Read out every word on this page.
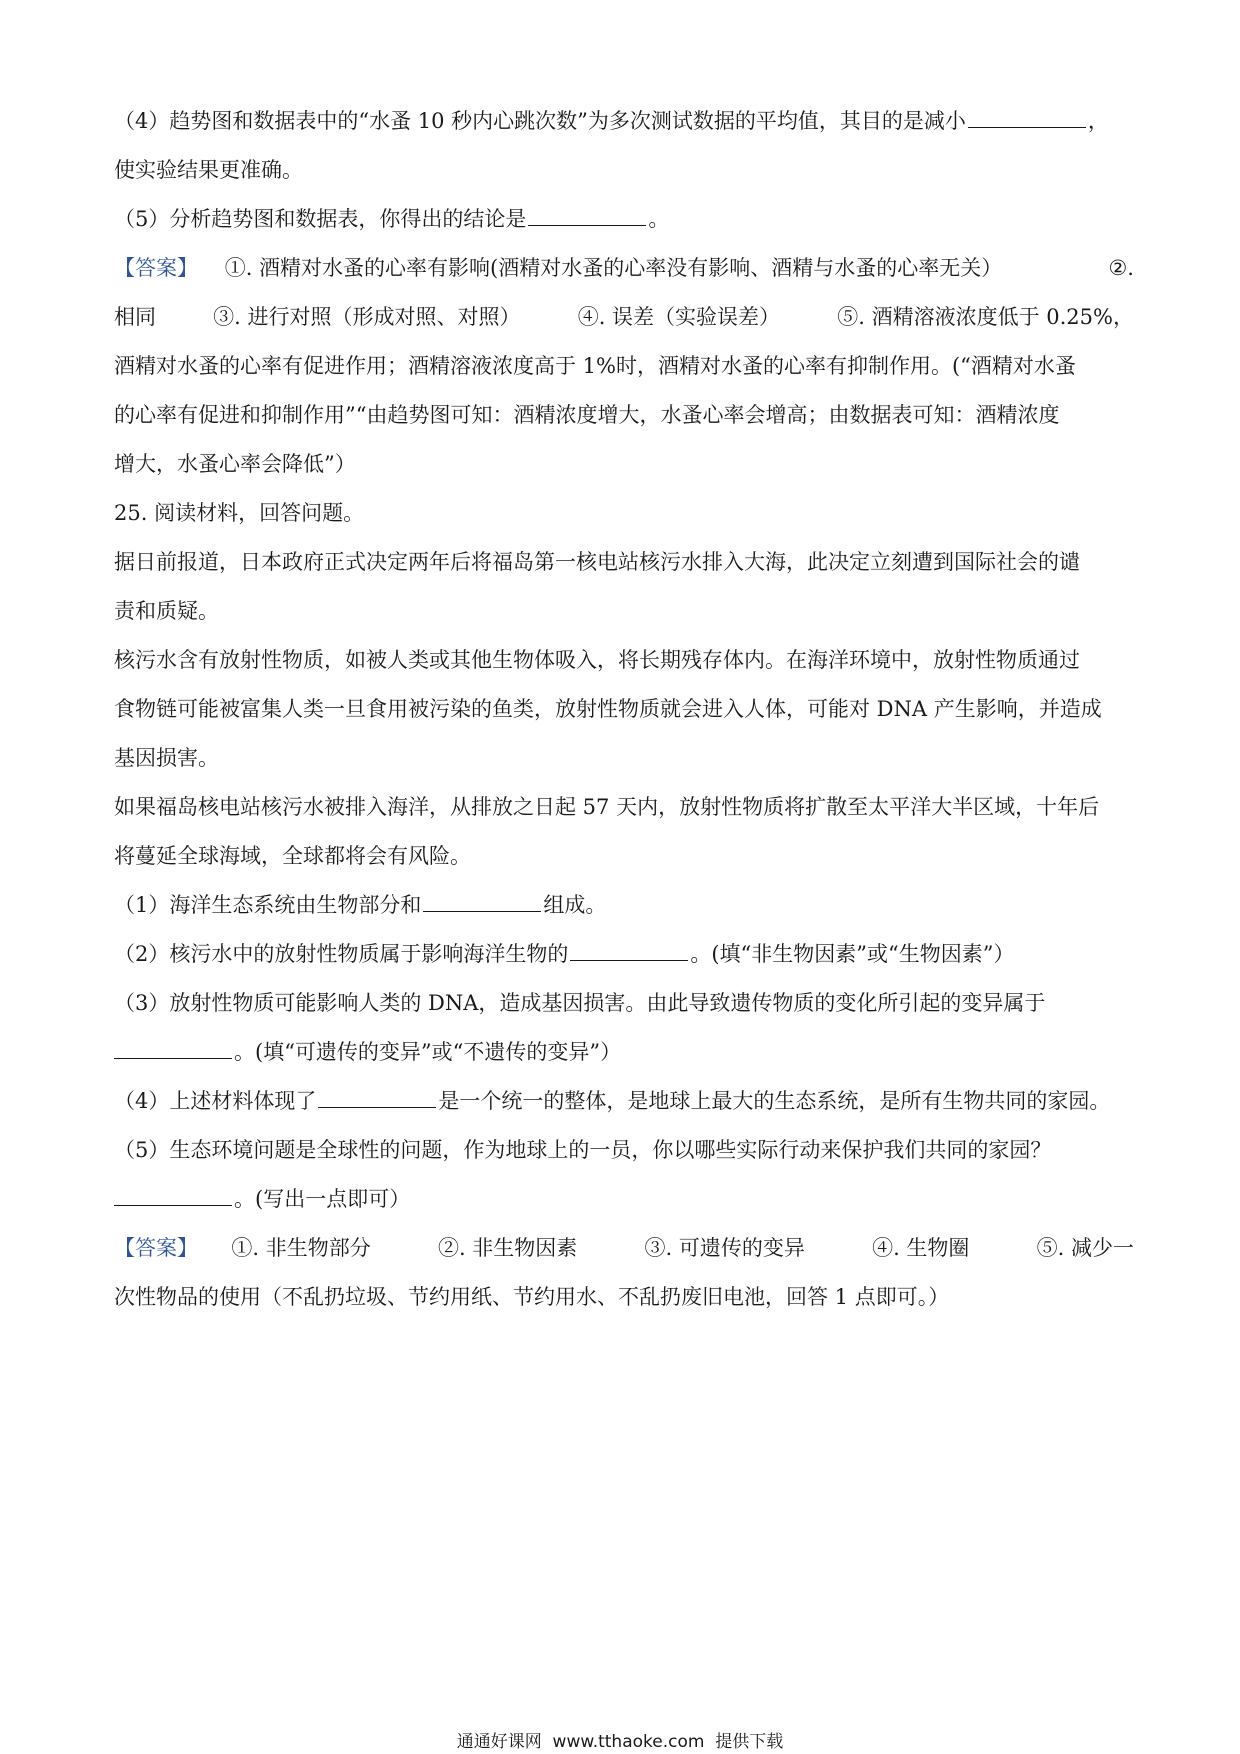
（4）趋势图和数据表中的“水蚤 10 秒内心跳次数”为多次测试数据的平均值，其目的是减小	，
使实验结果更准确。
（5）分析趋势图和数据表，你得出的结论是	。
【答案】 ①. 酒精对水蚤的心率有影响(酒精对水蚤的心率没有影响、酒精与水蚤的心率无关）	②.
相同	③. 进行对照（形成对照、对照）	④. 误差（实验误差）	⑤. 酒精溶液浓度低于 0.25%，
酒精对水蚤的心率有促进作用；酒精溶液浓度高于 1%时，酒精对水蚤的心率有抑制作用。(“酒精对水蚤
的心率有促进和抑制作用”“由趋势图可知：酒精浓度增大，水蚤心率会增高；由数据表可知：酒精浓度
增大，水蚤心率会降低”）
25. 阅读材料，回答问题。
据日前报道，日本政府正式决定两年后将福岛第一核电站核污水排入大海，此决定立刻遭到国际社会的谴
责和质疑。
核污水含有放射性物质，如被人类或其他生物体吸入，将长期残存体内。在海洋环境中，放射性物质通过
食物链可能被富集人类一旦食用被污染的鱼类，放射性物质就会进入人体，可能对 DNA 产生影响，并造成
基因损害。
如果福岛核电站核污水被排入海洋，从排放之日起 57 天内，放射性物质将扩散至太平洋大半区域，十年后
将蔓延全球海域，全球都将会有风险。
（1）海洋生态系统由生物部分和	组成。
（2）核污水中的放射性物质属于影响海洋生物的	。(填“非生物因素”或“生物因素”）
（3）放射性物质可能影响人类的 DNA，造成基因损害。由此导致遗传物质的变化所引起的变异属于
。(填“可遗传的变异”或“不遗传的变异”）
（4）上述材料体现了	是一个统一的整体，是地球上最大的生态系统，是所有生物共同的家园。
（5）生态环境问题是全球性的问题，作为地球上的一员，你以哪些实际行动来保护我们共同的家园？
。(写出一点即可）
【答案】 ①. 非生物部分	②. 非生物因素	③. 可遗传的变异	④. 生物圈	⑤. 减少一
次性物品的使用（不乱扔垃圾、节约用纸、节约用水、不乱扔废旧电池，回答 1 点即可。）
通通好课网  www.tthaoke.com  提供下载
